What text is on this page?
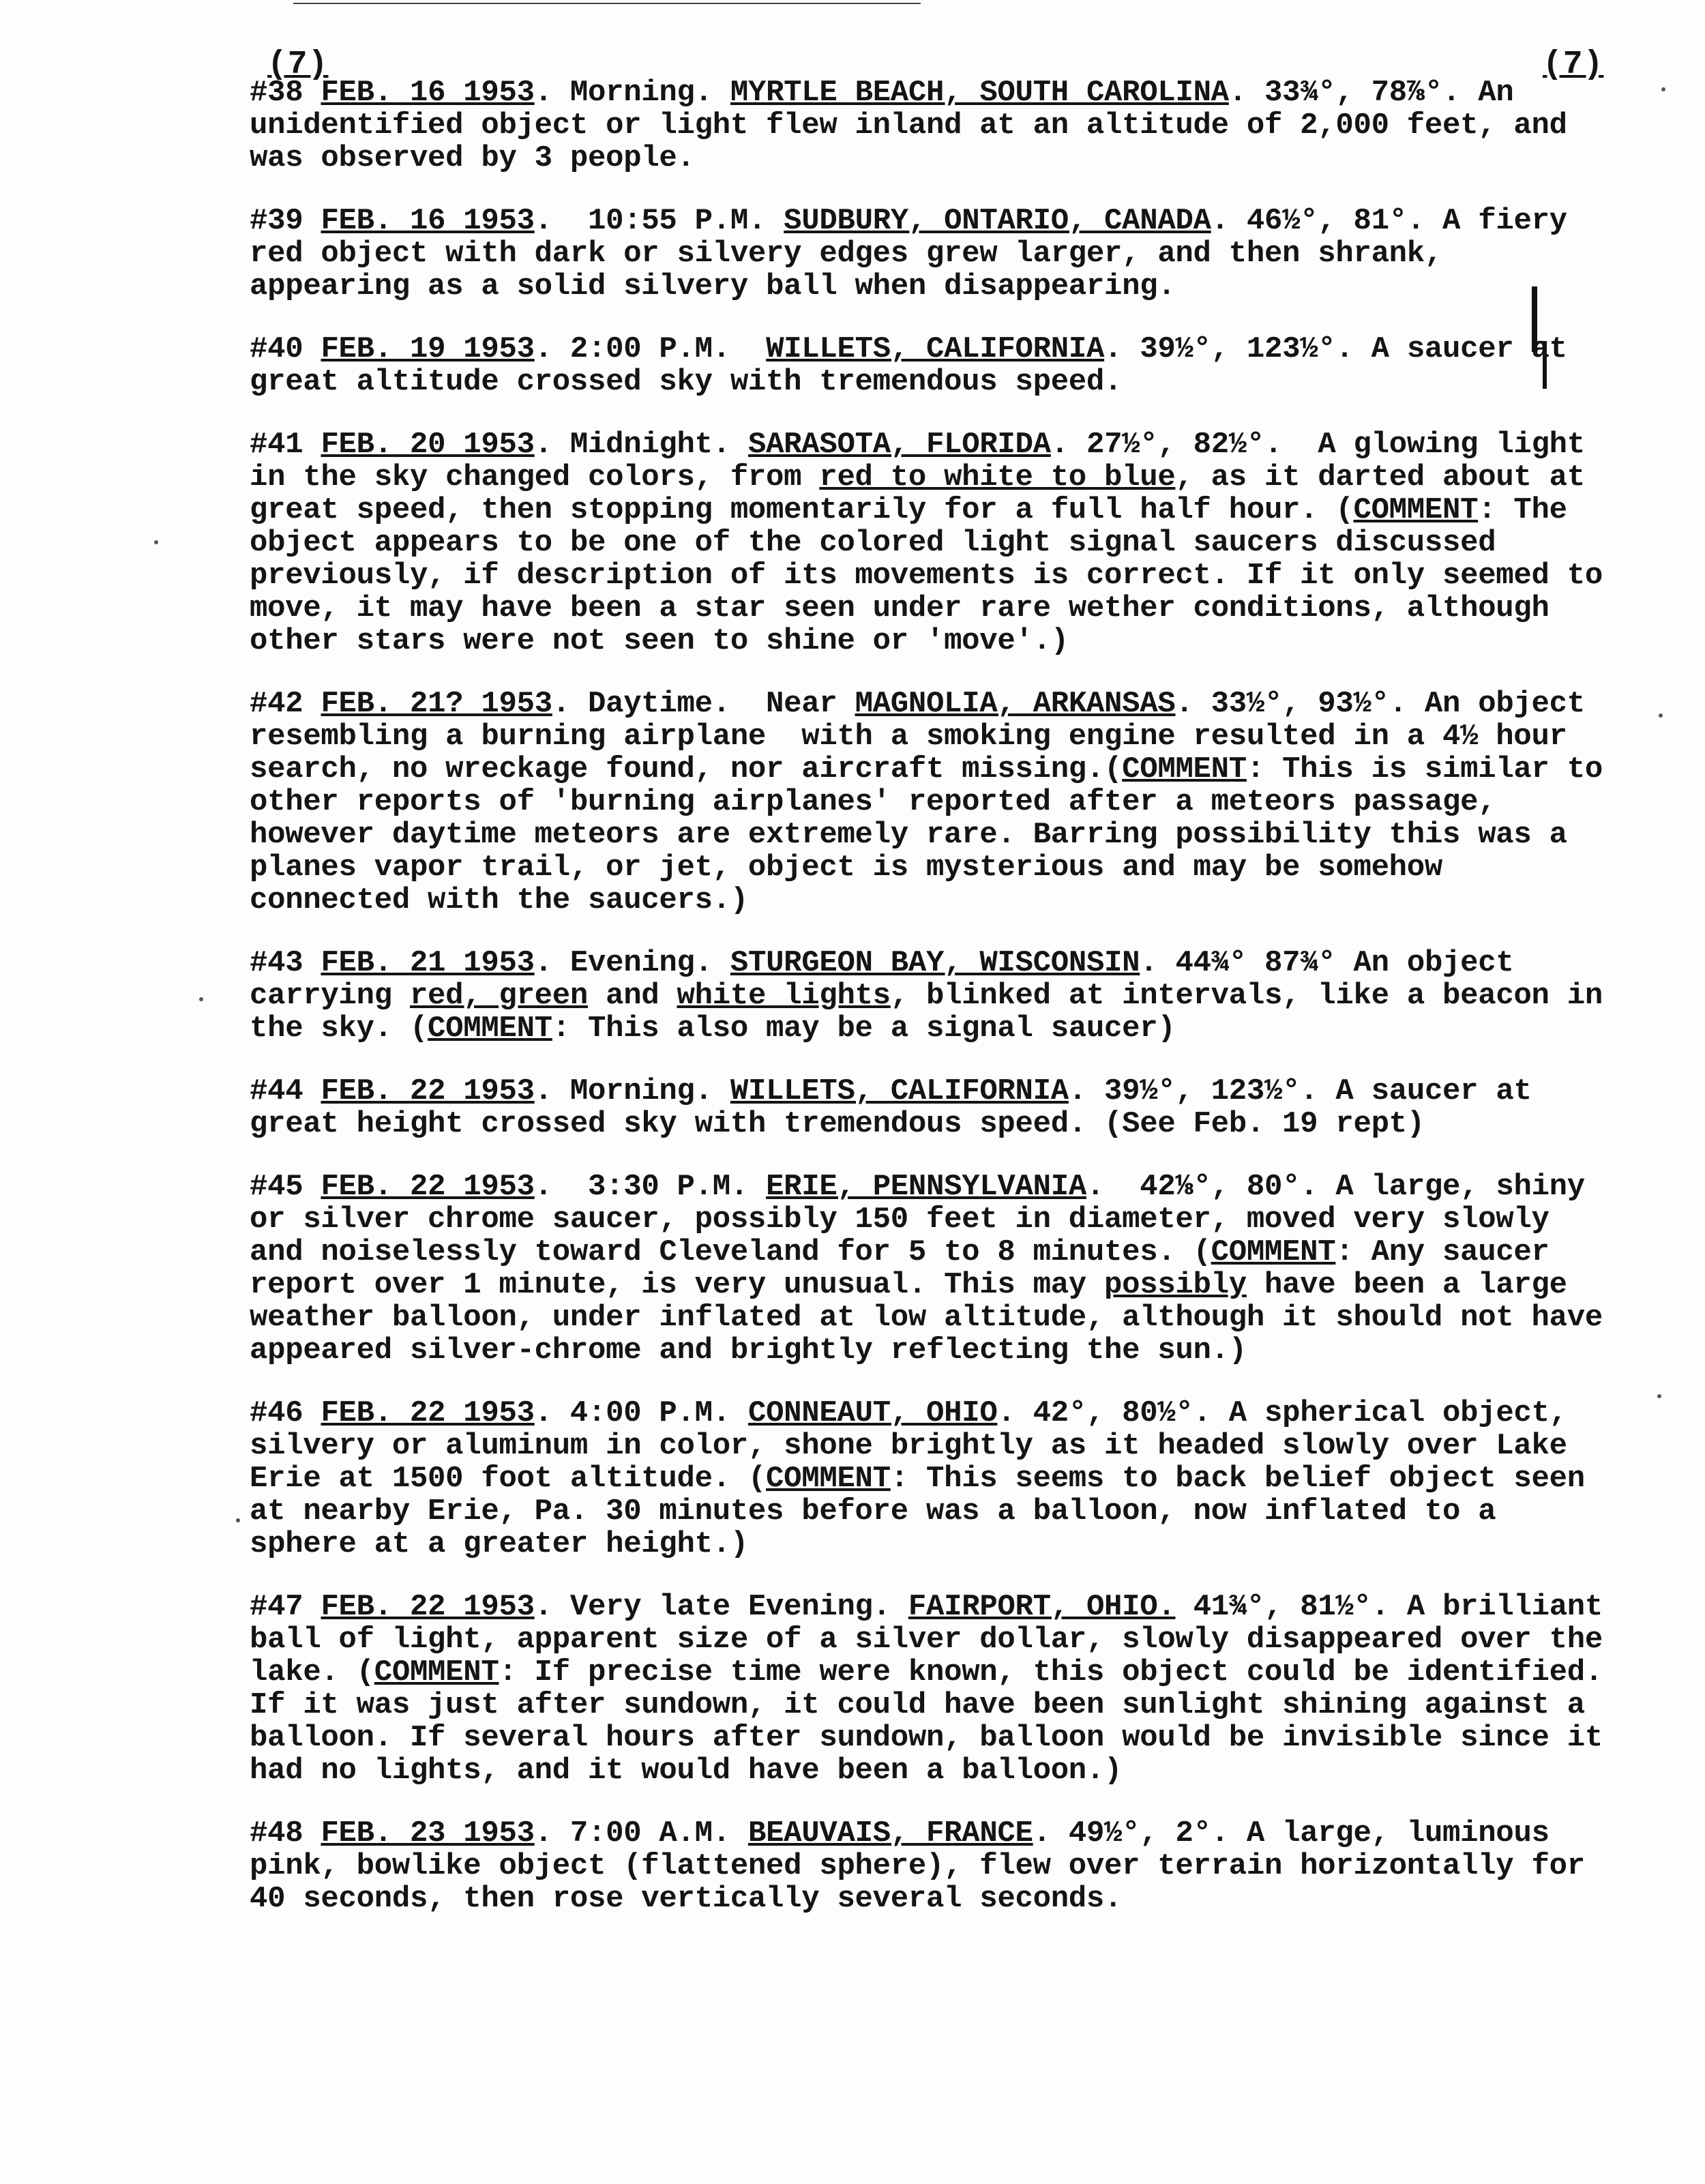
(7)	(7)

#38 FEB. 16 1953. Morning. MYRTLE BEACH, SOUTH CAROLINA. 33¾°, 78⅞°. An unidentified object or light flew inland at an altitude of 2,000 feet, and was observed by 3 people.

#39 FEB. 16 1953.  10:55 P.M. SUDBURY, ONTARIO, CANADA. 46½°, 81°. A fiery red object with dark or silvery edges grew larger, and then shrank, appearing as a solid silvery ball when disappearing.

#40 FEB. 19 1953. 2:00 P.M.  WILLETS, CALIFORNIA. 39½°, 123½°. A saucer at great altitude crossed sky with tremendous speed.

#41 FEB. 20 1953. Midnight. SARASOTA, FLORIDA. 27½°, 82½°.  A glowing light in the sky changed colors, from red to white to blue, as it darted about at great speed, then stopping momentarily for a full half hour. (COMMENT: The object appears to be one of the colored light signal saucers discussed previously, if description of its movements is correct. If it only seemed to move, it may have been a star seen under rare wether conditions, although other stars were not seen to shine or 'move'.)

#42 FEB. 21? 1953. Daytime.  Near MAGNOLIA, ARKANSAS. 33½°, 93½°. An object resembling a burning airplane  with a smoking engine resulted in a 4½ hour search, no wreckage found, nor aircraft missing.(COMMENT: This is similar to other reports of 'burning airplanes' reported after a meteors passage, however daytime meteors are extremely rare. Barring possibility this was a planes vapor trail, or jet, object is mysterious and may be somehow connected with the saucers.)

#43 FEB. 21 1953. Evening. STURGEON BAY, WISCONSIN. 44¾° 87¾° An object carrying red, green and white lights, blinked at intervals, like a beacon in the sky. (COMMENT: This also may be a signal saucer)

#44 FEB. 22 1953. Morning. WILLETS, CALIFORNIA. 39½°, 123½°. A saucer at great height crossed sky with tremendous speed. (See Feb. 19 rept)

#45 FEB. 22 1953.  3:30 P.M. ERIE, PENNSYLVANIA.  42⅛°, 80°. A large, shiny or silver chrome saucer, possibly 150 feet in diameter, moved very slowly and noiselessly toward Cleveland for 5 to 8 minutes. (COMMENT: Any saucer report over 1 minute, is very unusual. This may possibly have been a large weather balloon, under inflated at low altitude, although it should not have appeared silver-chrome and brightly reflecting the sun.)

#46 FEB. 22 1953. 4:00 P.M. CONNEAUT, OHIO. 42°, 80½°. A spherical object, silvery or aluminum in color, shone brightly as it headed slowly over Lake Erie at 1500 foot altitude. (COMMENT: This seems to back belief object seen at nearby Erie, Pa. 30 minutes before was a balloon, now inflated to a sphere at a greater height.)

#47 FEB. 22 1953. Very late Evening. FAIRPORT, OHIO. 41¾°, 81½°. A brilliant ball of light, apparent size of a silver dollar, slowly disappeared over the lake. (COMMENT: If precise time were known, this object could be identified. If it was just after sundown, it could have been sunlight shining against a balloon. If several hours after sundown, balloon would be invisible since it had no lights, and it would have been a balloon.)

#48 FEB. 23 1953. 7:00 A.M. BEAUVAIS, FRANCE. 49½°, 2°. A large, luminous pink, bowlike object (flattened sphere), flew over terrain horizontally for 40 seconds, then rose vertically several seconds.
